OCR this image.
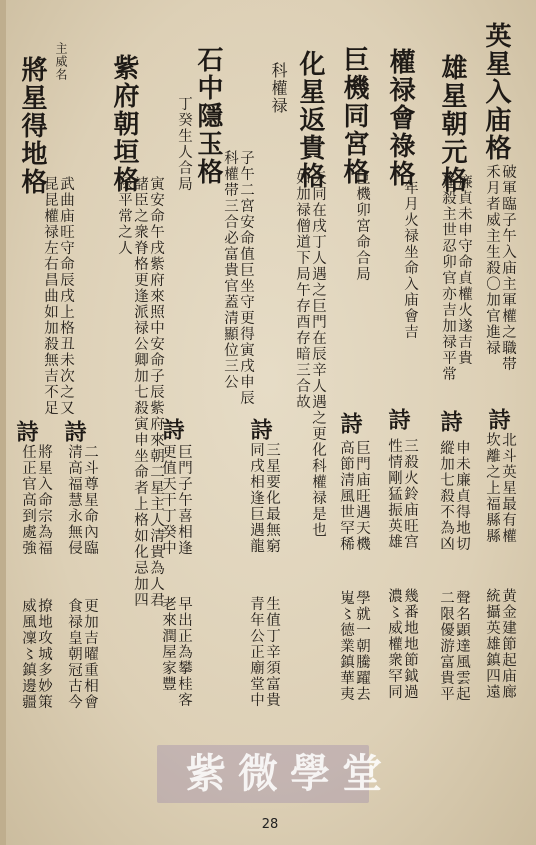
英星入庙格
破軍臨子午入庙主軍權之職帯
禾月者威主生殺〇加官進禄
雄星朝元格
廉貞未申守命貞權火遂吉貴
逢殺主世忍卯官亦吉加禄平常
權禄會祿格
年月火禄坐命入庙會吉
巨機同宮格
巨機卯宮命合局
化星返貴格
天同在戌丁人遇之巨門在辰辛人遇之更化科權禄是也
如加禄僧道下局午存酉存暗三合故
科權禄
石中隱玉格
子午二宮安命值巨坐守更得寅戌申辰
丁癸生人合局
科權帯三合必富貴官蓋清顯位三公
紫府朝垣格
寅安命午戌紫府來照中安命子辰紫府來朝二星主人清貴為人君
諸臣之衆脊格更逢派禄公卿加七殺寅申坐命者上格如化忌加四
禄平常之人
主威名
將星得地格
武曲庙旺守命辰戌上格丑未次之又
昆昆權禄左右昌曲如加殺無吉不足
詩
北斗英星最有權
坎離之上福縣縣
黄金建節起庙廊
統攝英雄鎮四遠
詩
申未廉貞得地切
縱加七殺不為凶
聲名顕達風雲起
二限優游富貴平
詩
三殺火鈴庙旺宫
性情剛猛振英雄
幾番地地節鉞過
濃〻威權衆罕同
詩
巨門庙旺遇天機
高節清風世罕稀
學就一朝騰躍去
嵬〻德業鎮華夷
詩
三星要化最無窮
同戌相逢巨遇龍
生值丁辛須富貴
青年公正廟堂中
詩
巨門子午喜相逢
更值天干丁癸中
早出正為攀桂客
老來潤屋家豐
詩
二斗尊星命內臨
清高福慧永無侵
更加吉曜重相會
食禄皇朝冠古今
詩
將星入命宗為福
任正官高到處強
撩地攻城多妙策
威風凜〻鎮邊疆
紫微學堂
28
